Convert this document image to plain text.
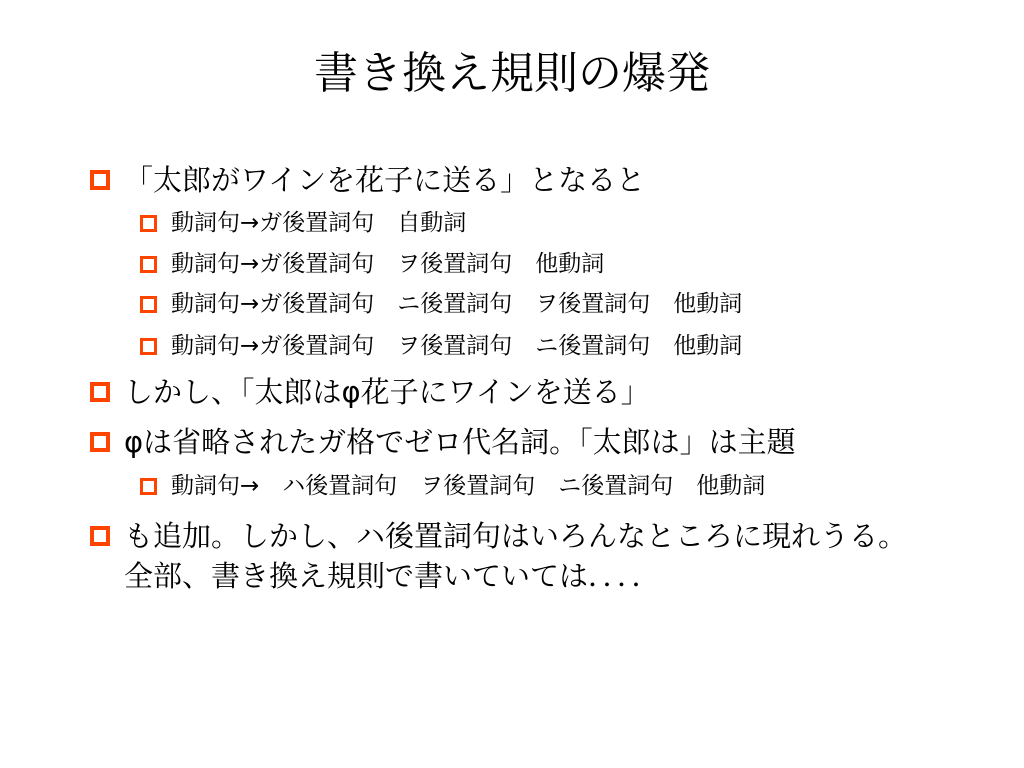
書き換え規則の爆発
「太郎がワインを花子に送る」となると
動詞句→ガ後置詞句　自動詞
動詞句→ガ後置詞句　ヲ後置詞句　他動詞
動詞句→ガ後置詞句　ニ後置詞句　ヲ後置詞句　他動詞
動詞句→ガ後置詞句　ヲ後置詞句　ニ後置詞句　他動詞
しかし、「太郎はφ花子にワインを送る」
φは省略されたガ格でゼロ代名詞。「太郎は」は主題
動詞句→　ハ後置詞句　ヲ後置詞句　ニ後置詞句　他動詞
も追加。しかし、ハ後置詞句はいろんなところに現れうる。
全部、書き換え規則で書いていては．．．．
